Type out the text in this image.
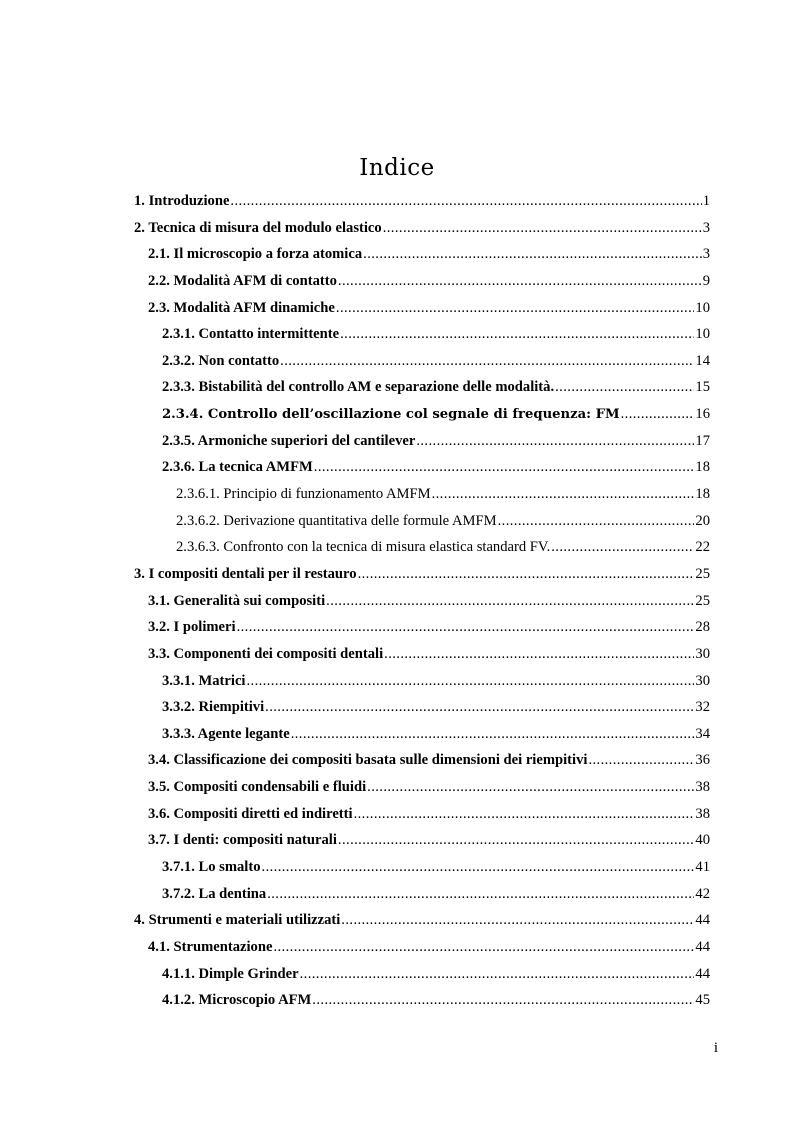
Indice
1. Introduzione .....	1
2. Tecnica di misura del modulo elastico .....	3
2.1. Il microscopio a forza atomica .....	3
2.2. Modalità AFM di contatto .....	9
2.3. Modalità AFM dinamiche .....	10
2.3.1. Contatto intermittente .....	10
2.3.2. Non contatto .....	14
2.3.3. Bistabilità del controllo AM e separazione delle modalità. .....	15
2.3.4. Controllo dell’oscillazione col segnale di frequenza: FM .....	16
2.3.5. Armoniche superiori del cantilever .....	17
2.3.6. La tecnica AMFM .....	18
2.3.6.1. Principio di funzionamento AMFM .....	18
2.3.6.2. Derivazione quantitativa delle formule AMFM .....	20
2.3.6.3. Confronto con la tecnica di misura elastica standard FV. .....	22
3. I compositi dentali per il restauro .....	25
3.1. Generalità sui compositi .....	25
3.2. I polimeri .....	28
3.3. Componenti dei compositi dentali .....	30
3.3.1. Matrici .....	30
3.3.2. Riempitivi .....	32
3.3.3. Agente legante .....	34
3.4. Classificazione dei compositi basata sulle dimensioni dei riempitivi .....	36
3.5. Compositi condensabili e fluidi .....	38
3.6. Compositi diretti ed indiretti .....	38
3.7. I denti: compositi naturali .....	40
3.7.1. Lo smalto .....	41
3.7.2. La dentina .....	42
4. Strumenti e materiali utilizzati .....	44
4.1. Strumentazione .....	44
4.1.1. Dimple Grinder .....	44
4.1.2. Microscopio AFM .....	45
i
